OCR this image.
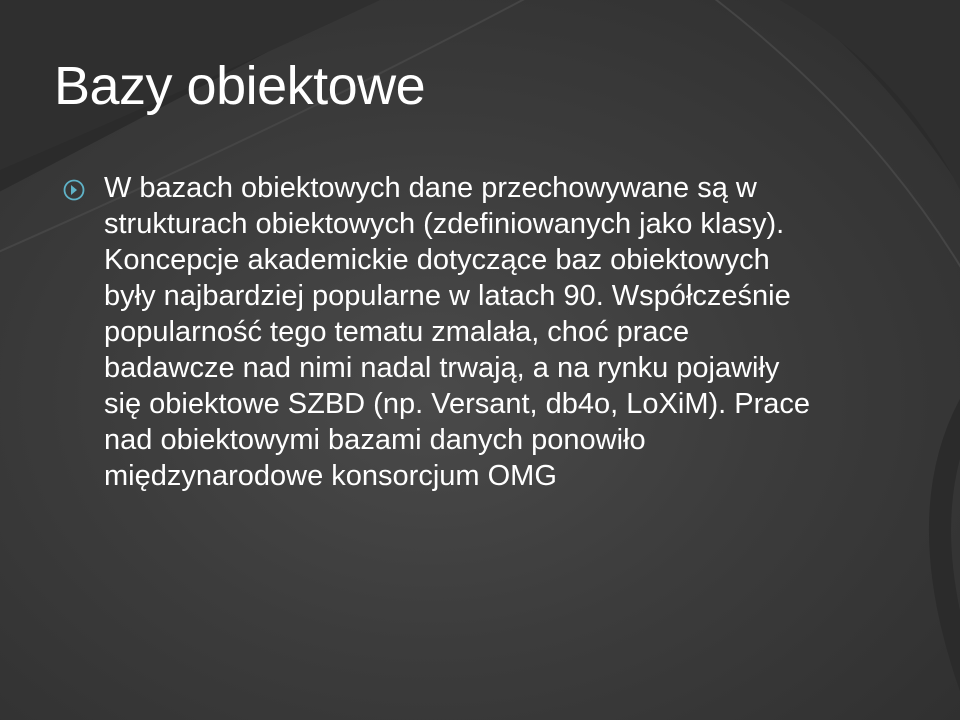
Bazy obiektowe
W bazach obiektowych dane przechowywane są w strukturach obiektowych (zdefiniowanych jako klasy). Koncepcje akademickie dotyczące baz obiektowych były najbardziej popularne w latach 90. Współcześnie popularność tego tematu zmalała, choć prace badawcze nad nimi nadal trwają, a na rynku pojawiły się obiektowe SZBD (np. Versant, db4o, LoXiM). Prace nad obiektowymi bazami danych ponowiło międzynarodowe konsorcjum OMG
